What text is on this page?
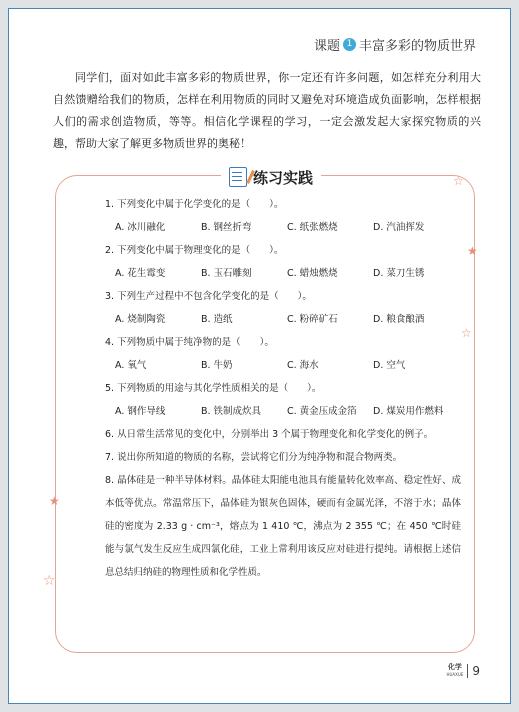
课题 1 丰富多彩的物质世界
同学们，面对如此丰富多彩的物质世界，你一定还有许多问题，如怎样充分利用大自然馈赠给我们的物质，怎样在利用物质的同时又避免对环境造成负面影响，怎样根据人们的需求创造物质，等等。相信化学课程的学习，一定会激发起大家探究物质的兴趣，帮助大家了解更多物质世界的奥秘！
☆
★
☆
★
☆
练习实践
1. 下列变化中属于化学变化的是（　　）。
A. 冰川融化	B. 钢丝折弯	C. 纸张燃烧	D. 汽油挥发
2. 下列变化中属于物理变化的是（　　）。
A. 花生霉变	B. 玉石雕刻	C. 蜡烛燃烧	D. 菜刀生锈
3. 下列生产过程中不包含化学变化的是（　　）。
A. 烧制陶瓷	B. 造纸	C. 粉碎矿石	D. 粮食酿酒
4. 下列物质中属于纯净物的是（　　）。
A. 氧气	B. 牛奶	C. 海水	D. 空气
5. 下列物质的用途与其化学性质相关的是（　　）。
A. 钢作导线	B. 铁制成炊具	C. 黄金压成金箔	D. 煤炭用作燃料
6. 从日常生活常见的变化中，分别举出 3 个属于物理变化和化学变化的例子。
7. 说出你所知道的物质的名称，尝试将它们分为纯净物和混合物两类。
8. 晶体硅是一种半导体材料。晶体硅太阳能电池具有能量转化效率高、稳定性好、成本低等优点。常温常压下，晶体硅为银灰色固体，硬而有金属光泽，不溶于水；晶体硅的密度为 2.33 g · cm⁻³，熔点为 1 410 ℃，沸点为 2 355 ℃；在 450 ℃时硅能与氯气发生反应生成四氯化硅，工业上常利用该反应对硅进行提纯。请根据上述信息总结归纳硅的物理性质和化学性质。
化学
HUAXUE 9
